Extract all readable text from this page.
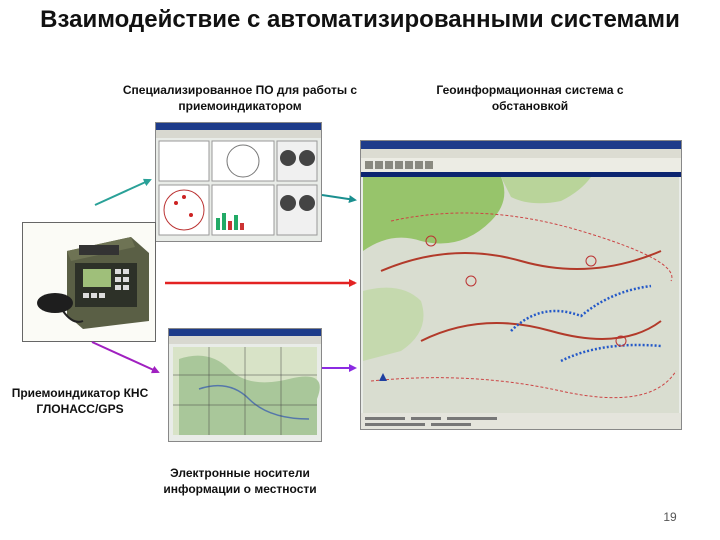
Взаимодействие с автоматизированными системами
Специализированное ПО для работы с приемоиндикатором
Геоинформационная система с обстановкой
Приемоиндикатор КНС ГЛОНАСС/GPS
Электронные носители информации о местности
19
